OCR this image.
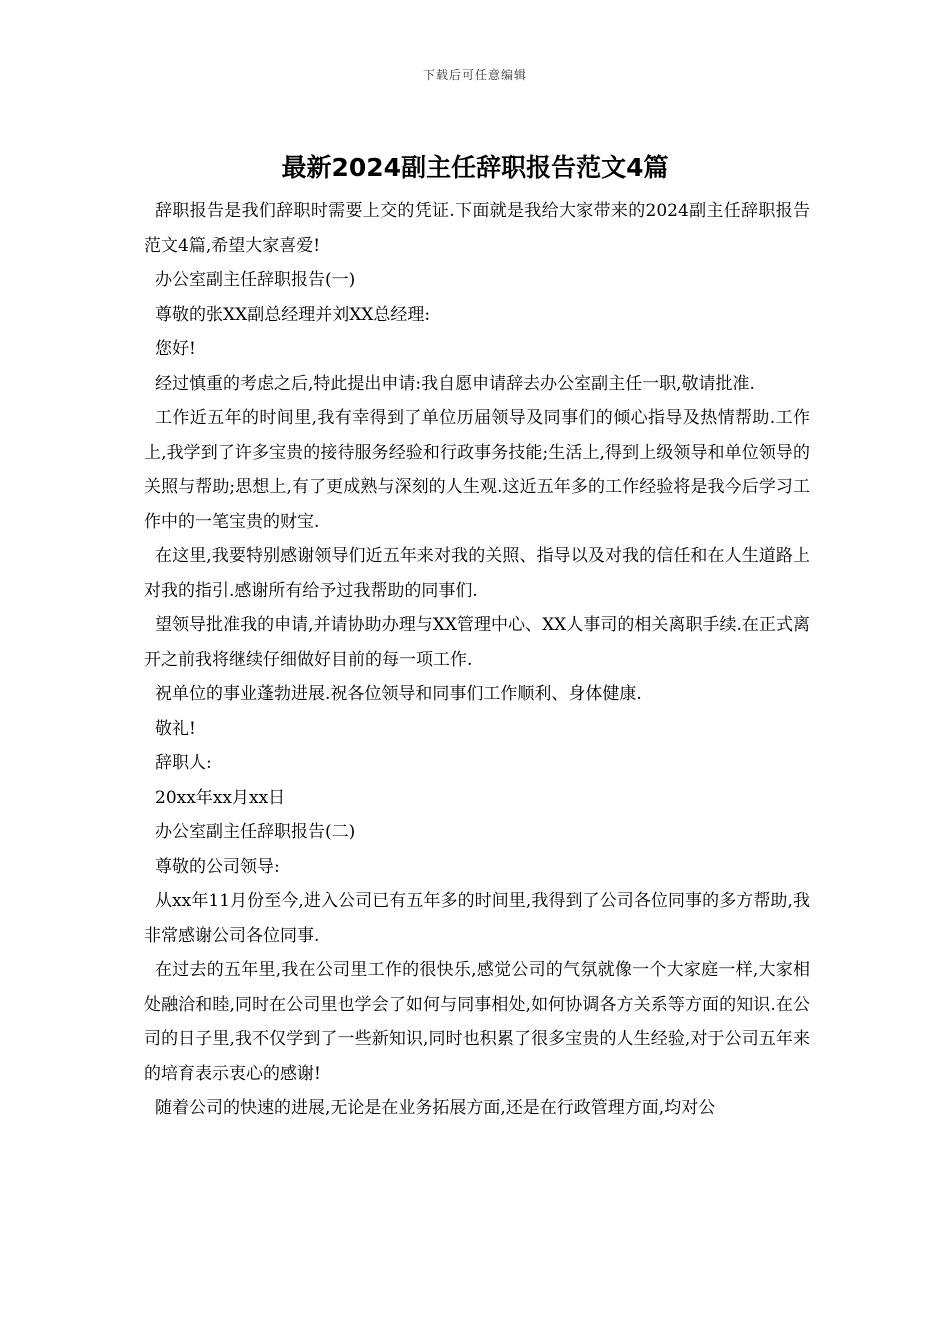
下载后可任意编辑
最新2024副主任辞职报告范文4篇

辞职报告是我们辞职时需要上交的凭证.下面就是我给大家带来的2024副主任辞职报告范文4篇,希望大家喜爱!

办公室副主任辞职报告(一)

尊敬的张XX副总经理并刘XX总经理:

您好!

经过慎重的考虑之后,特此提出申请:我自愿申请辞去办公室副主任一职,敬请批准.

工作近五年的时间里,我有幸得到了单位历届领导及同事们的倾心指导及热情帮助.工作上,我学到了许多宝贵的接待服务经验和行政事务技能;生活上,得到上级领导和单位领导的关照与帮助;思想上,有了更成熟与深刻的人生观.这近五年多的工作经验将是我今后学习工作中的一笔宝贵的财宝.

在这里,我要特别感谢领导们近五年来对我的关照、指导以及对我的信任和在人生道路上对我的指引.感谢所有给予过我帮助的同事们.

望领导批准我的申请,并请协助办理与XX管理中心、XX人事司的相关离职手续.在正式离开之前我将继续仔细做好目前的每一项工作.

祝单位的事业蓬勃进展.祝各位领导和同事们工作顺利、身体健康.

敬礼!

辞职人:

20xx年xx月xx日

办公室副主任辞职报告(二)

尊敬的公司领导:

从xx年11月份至今,进入公司已有五年多的时间里,我得到了公司各位同事的多方帮助,我非常感谢公司各位同事.

在过去的五年里,我在公司里工作的很快乐,感觉公司的气氛就像一个大家庭一样,大家相处融洽和睦,同时在公司里也学会了如何与同事相处,如何协调各方关系等方面的知识.在公司的日子里,我不仅学到了一些新知识,同时也积累了很多宝贵的人生经验,对于公司五年来的培育表示衷心的感谢!

随着公司的快速的进展,无论是在业务拓展方面,还是在行政管理方面,均对公
